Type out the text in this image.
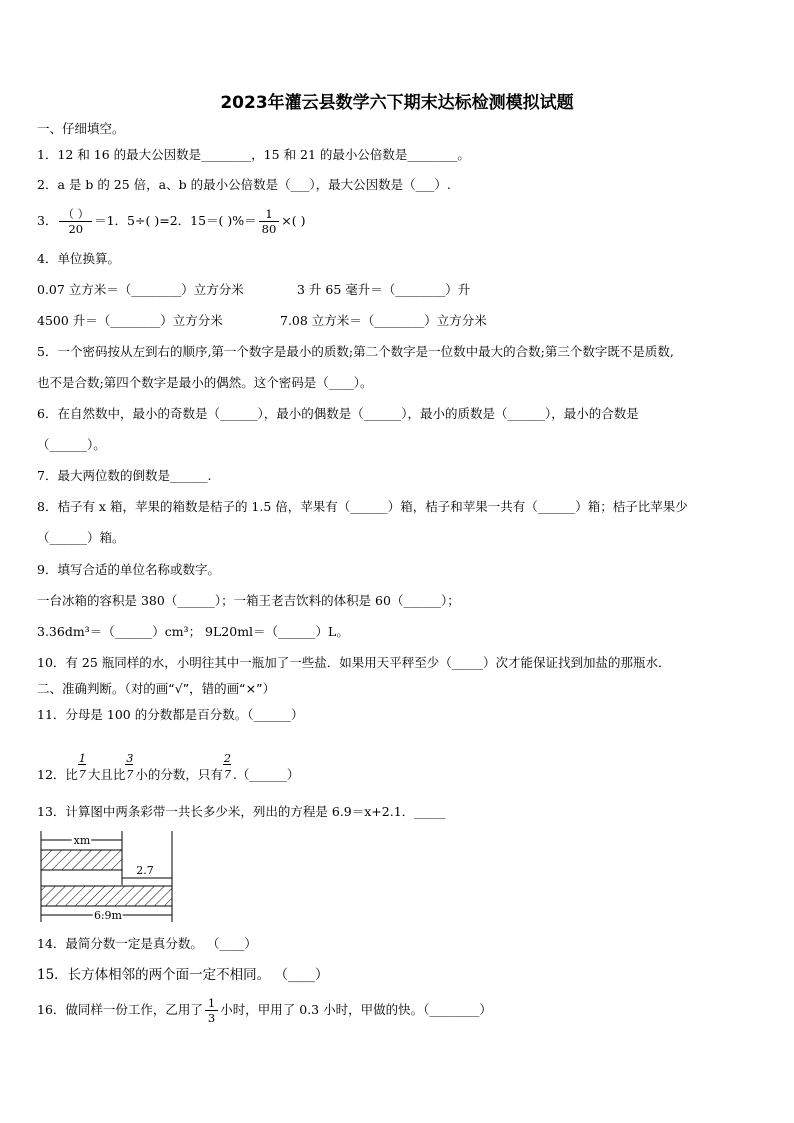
2023年灌云县数学六下期末达标检测模拟试题
一、仔细填空。
1．12 和 16 的最大公因数是________，15 和 21 的最小公倍数是________。
2．a 是 b 的 25 倍，a、b 的最小公倍数是（___），最大公因数是（___）.
3． $\frac{( )}{20} =1$．5÷( )=2．15＝( )%＝ $\frac{1}{80}$ ×( )
4．单位换算。
0.07 立方米＝（________）立方分米	3 升 65 毫升＝（________）升
4500 升＝（________）立方分米	7.08 立方米＝（________）立方分米
5．一个密码按从左到右的顺序,第一个数字是最小的质数;第二个数字是一位数中最大的合数;第三个数字既不是质数,
也不是合数;第四个数字是最小的偶然。这个密码是（____）。
6．在自然数中，最小的奇数是（______），最小的偶数是（______），最小的质数是（______），最小的合数是
（______）。
7．最大两位数的倒数是______.
8．桔子有 x 箱，苹果的箱数是桔子的 1.5 倍，苹果有（______）箱，桔子和苹果一共有（______）箱；桔子比苹果少
（______）箱。
9．填写合适的单位名称或数字。
一台冰箱的容积是 380（______）；一箱王老吉饮料的体积是 60（______）；
3.36dm³＝（______）cm³； 9L20ml＝（______）L。
10．有 25 瓶同样的水，小明往其中一瓶加了一些盐．如果用天平秤至少（_____）次才能保证找到加盐的那瓶水．
二、准确判断。（对的画“√”，错的画“×”）
11．分母是 100 的分数都是百分数。（______）
12．比 $\frac{1}{7}$ 大且比 $\frac{3}{7}$ 小的分数，只有 $\frac{2}{7}$ .（______）
13．计算图中两条彩带一共长多少米，列出的方程是 6.9＝x+2.1．_____
xm
2.7
6.9m
14．最简分数一定是真分数。 （____）
15．长方体相邻的两个面一定不相同。 （____）
16．做同样一份工作，乙用了 $\frac{1}{3}$ 小时，甲用了 0.3 小时，甲做的快。（________）
